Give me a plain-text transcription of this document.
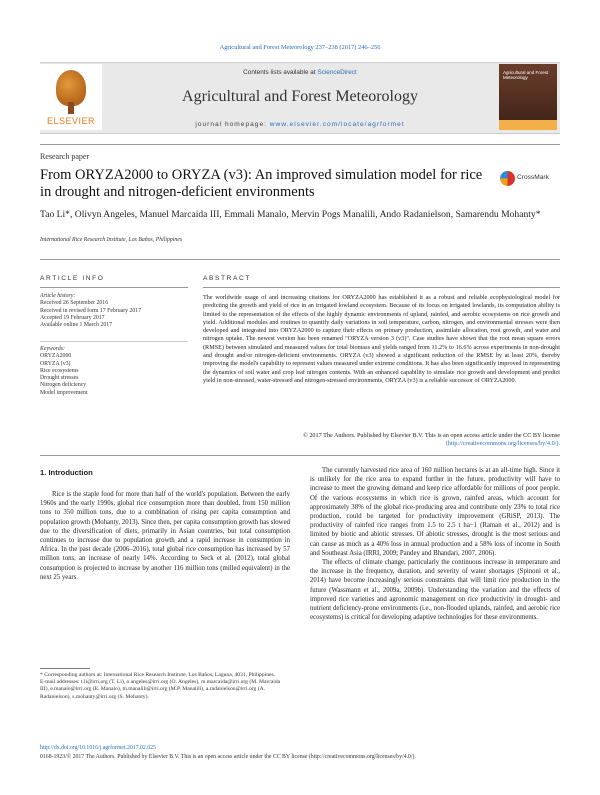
Agricultural and Forest Meteorology 237–238 (2017) 246–256
ELSEVIER
Contents lists available at ScienceDirect
Agricultural and Forest Meteorology
journal homepage: www.elsevier.com/locate/agrformet
Agricultural and Forest Meteorology
Research paper
From ORYZA2000 to ORYZA (v3): An improved simulation model for rice in drought and nitrogen-deficient environments
CrossMark
Tao Li*, Olivyn Angeles, Manuel Marcaida III, Emmali Manalo, Mervin Pogs Manalili, Ando Radanielson, Samarendu Mohanty*
International Rice Research Institute, Los Baños, Philippines
ARTICLE INFO	ABSTRACT
Article history:
Received 26 September 2016
Received in revised form 17 February 2017
Accepted 19 February 2017
Available online 1 March 2017
Keywords:
ORYZA2000
ORYZA (v3)
Rice ecosystems
Drought stresses
Nitrogen deficiency
Model improvement
The worldwide usage of and increasing citations for ORYZA2000 has established it as a robust and reliable ecophysiological model for predicting the growth and yield of rice in an irrigated lowland ecosystem. Because of its focus on irrigated lowlands, its computation ability is limited to the representation of the effects of the highly dynamic environments of upland, rainfed, and aerobic ecosystems on rice growth and yield. Additional modules and routines to quantify daily variations in soil temperature, carbon, nitrogen, and environmental stresses were then developed and integrated into ORYZA2000 to capture their effects on primary production, assimilate allocation, root growth, and water and nitrogen uptake. The newest version has been renamed "ORYZA version 3 (v3)". Case studies have shown that the root mean square errors (RMSE) between simulated and measured values for total biomass and yields ranged from 11.2% to 16.6% across experiments in non-drought and drought and/or nitrogen-deficient environments. ORYZA (v3) showed a significant reduction of the RMSE by at least 20%, thereby improving the model's capability to represent values measured under extreme conditions. It has also been significantly improved in representing the dynamics of soil water and crop leaf nitrogen contents. With an enhanced capability to simulate rice growth and development and predict yield in non-stressed, water-stressed and nitrogen-stressed environments, ORYZA (v3) is a reliable successor of ORYZA2000.
© 2017 The Authors. Published by Elsevier B.V. This is an open access article under the CC BY license
(http://creativecommons.org/licenses/by/4.0/).
1. Introduction

Rice is the staple food for more than half of the world's population. Between the early 1960s and the early 1990s, global rice consumption more than doubled, from 150 million tons to 350 million tons, due to a combination of rising per capita consumption and population growth (Mohanty, 2013). Since then, per capita consumption growth has slowed due to the diversification of diets, primarily in Asian countries, but total consumption continues to increase due to population growth and a rapid increase in consumption in Africa. In the past decade (2006–2016), total global rice consumption has increased by 57 million tons, an increase of nearly 14%. According to Seck et al. (2012), total global consumption is projected to increase by another 116 million tons (milled equivalent) in the next 25 years.

The currently harvested rice area of 160 million hectares is at an all-time high. Since it is unlikely for the rice area to expand further in the future, productivity will have to increase to meet the growing demand and keep rice affordable for millions of poor people. Of the various ecosystems in which rice is grown, rainfed areas, which account for approximately 38% of the global rice-producing area and contribute only 23% to total rice production, could be targeted for productivity improvement (GRiSP, 2013). The productivity of rainfed rice ranges from 1.5 to 2.5 t ha−1 (Raman et al., 2012) and is limited by biotic and abiotic stresses. Of abiotic stresses, drought is the most serious and can cause as much as a 40% loss in annual production and a 58% loss of income in South and Southeast Asia (IRRI, 2009; Pandey and Bhandari, 2007, 2006).

The effects of climate change, particularly the continuous increase in temperature and the increase in the frequency, duration, and severity of water shortages (Spinoni et al., 2014) have become increasingly serious constraints that will limit rice production in the future (Wassmann et al., 2009a, 2009b). Understanding the variation and the effects of improved rice varieties and agronomic management on rice productivity in drought- and nutrient deficiency-prone environments (i.e., non-flooded uplands, rainfed, and aerobic rice ecosystems) is critical for developing adaptive technologies for these environments.

* Corresponding authors at: International Rice Research Institute, Los Baños, Laguna, 4031, Philippines.
E-mail addresses: t.li@irri.org (T. Li), o.angeles@irri.org (O. Angeles), m.marcaida@irri.org (M. Marcaida III), e.manalo@irri.org (E. Manalo), m.manalili@irri.org (M.P. Manalili), a.radanielson@irri.org (A. Radanielson), s.mohanty@irri.org (S. Mohanty).
http://dx.doi.org/10.1016/j.agrformet.2017.02.025
0168-1923/© 2017 The Authors. Published by Elsevier B.V. This is an open access article under the CC BY license (http://creativecommons.org/licenses/by/4.0/).
